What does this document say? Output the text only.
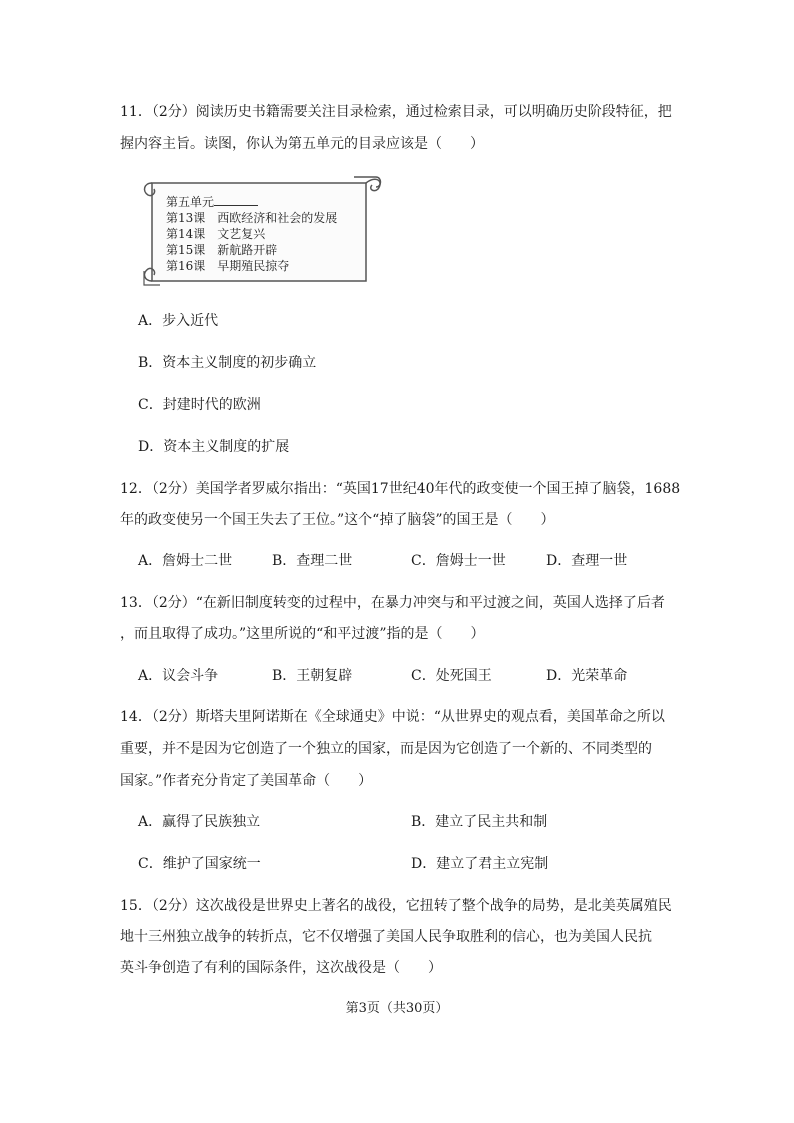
11．（2分）阅读历史书籍需要关注目录检索，通过检索目录，可以明确历史阶段特征，把
握内容主旨。读图，你认为第五单元的目录应该是（　　）
第五单元
第13课　西欧经济和社会的发展
第14课　文艺复兴
第15课　新航路开辟
第16课　早期殖民掠夺
A．步入近代
B．资本主义制度的初步确立
C．封建时代的欧洲
D．资本主义制度的扩展
12．（2分）美国学者罗威尔指出：“英国17世纪40年代的政变使一个国王掉了脑袋，1688
年的政变使另一个国王失去了王位。”这个“掉了脑袋”的国王是（　　）
A．詹姆士二世	B．查理二世	C．詹姆士一世	D．查理一世
13．（2分）“在新旧制度转变的过程中，在暴力冲突与和平过渡之间，英国人选择了后者
，而且取得了成功。”这里所说的“和平过渡”指的是（　　）
A．议会斗争	B．王朝复辟	C．处死国王	D．光荣革命
14．（2分）斯塔夫里阿诺斯在《全球通史》中说：“从世界史的观点看，美国革命之所以
重要，并不是因为它创造了一个独立的国家，而是因为它创造了一个新的、不同类型的
国家。”作者充分肯定了美国革命（　　）
A．赢得了民族独立	B．建立了民主共和制
C．维护了国家统一	D．建立了君主立宪制
15．（2分）这次战役是世界史上著名的战役，它扭转了整个战争的局势，是北美英属殖民
地十三州独立战争的转折点，它不仅增强了美国人民争取胜利的信心，也为美国人民抗
英斗争创造了有利的国际条件，这次战役是（　　）
第3页（共30页）
